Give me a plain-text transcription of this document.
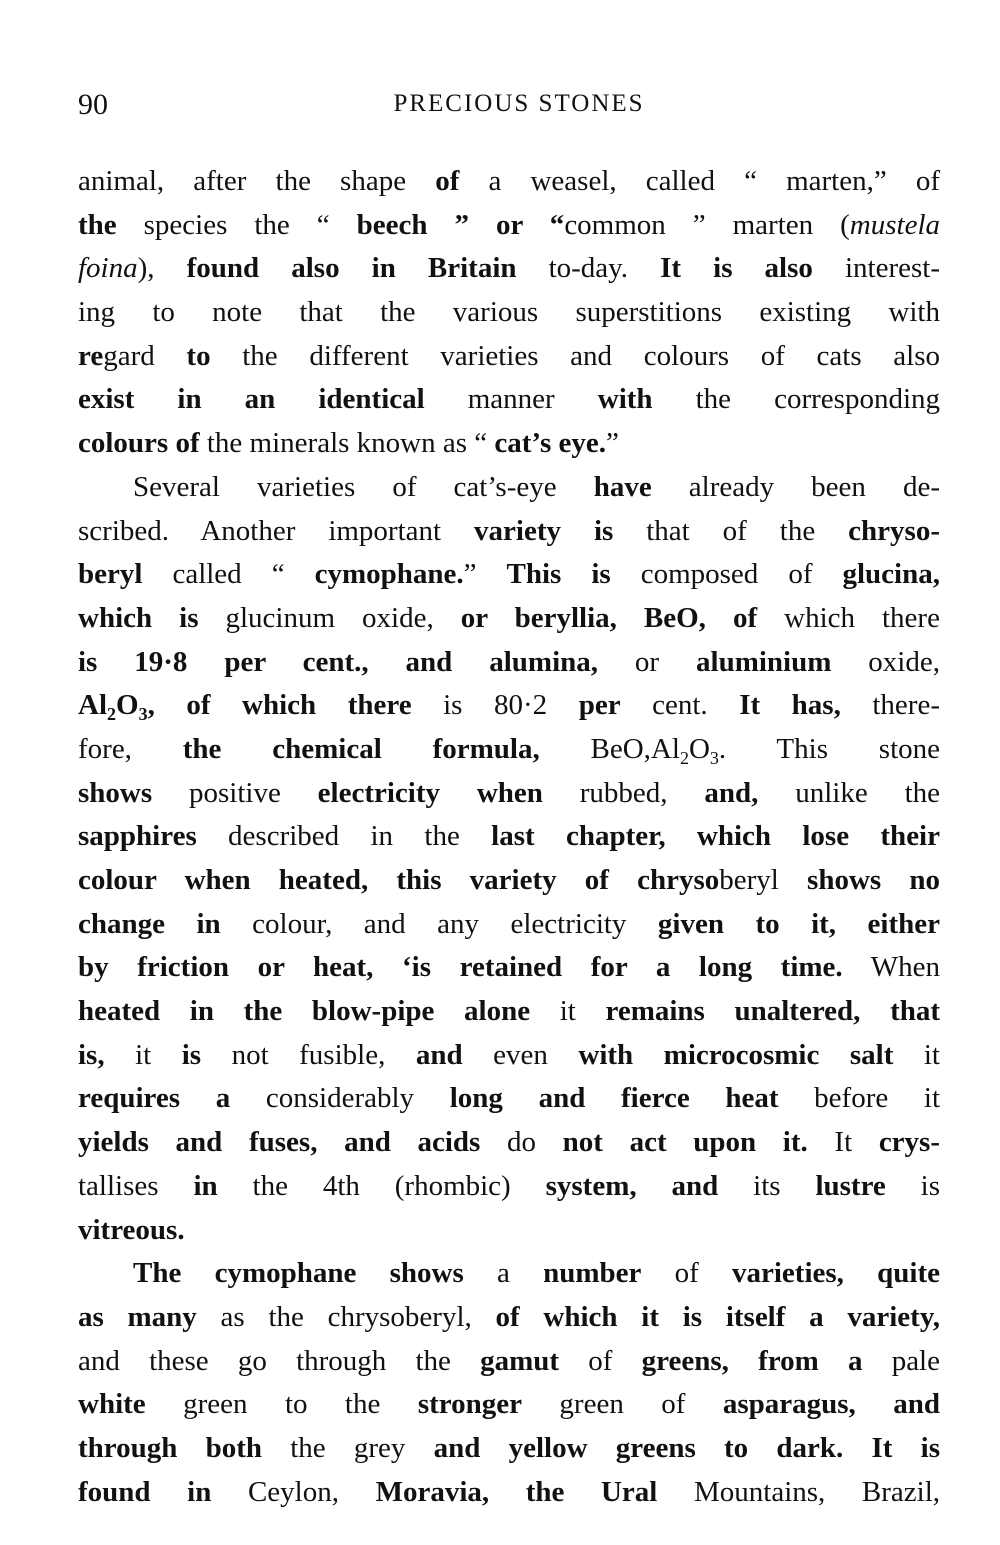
90	PRECIOUS STONES
animal, after the shape of a weasel, called “ marten,” of
the species the “ beech ” or “common ” marten (mustela
foina), found also in Britain to-day. It is also interest-
ing to note that the various superstitions existing with
regard to the different varieties and colours of cats also
exist in an identical manner with the corresponding
colours of the minerals known as “ cat’s eye.”
Several varieties of cat’s-eye have already been de-
scribed. Another important variety is that of the chryso-
beryl called “ cymophane.” This is composed of glucina,
which is glucinum oxide, or beryllia, BeO, of which there
is 19·8 per cent., and alumina, or aluminium oxide,
$Al_2O_3$, of which there is 80·2 per cent. It has, there-
fore, the chemical formula, $BeO,Al_2O_3$. This stone
shows positive electricity when rubbed, and, unlike the
sapphires described in the last chapter, which lose their
colour when heated, this variety of chrysoberyl shows no
change in colour, and any electricity given to it, either
by friction or heat, ‘is retained for a long time. When
heated in the blow-pipe alone it remains unaltered, that
is, it is not fusible, and even with microcosmic salt it
requires a considerably long and fierce heat before it
yields and fuses, and acids do not act upon it. It crys-
tallises in the 4th (rhombic) system, and its lustre is
vitreous.
The cymophane shows a number of varieties, quite
as many as the chrysoberyl, of which it is itself a variety,
and these go through the gamut of greens, from a pale
white green to the stronger green of asparagus, and
through both the grey and yellow greens to dark. It is
found in Ceylon, Moravia, the Ural Mountains, Brazil,
